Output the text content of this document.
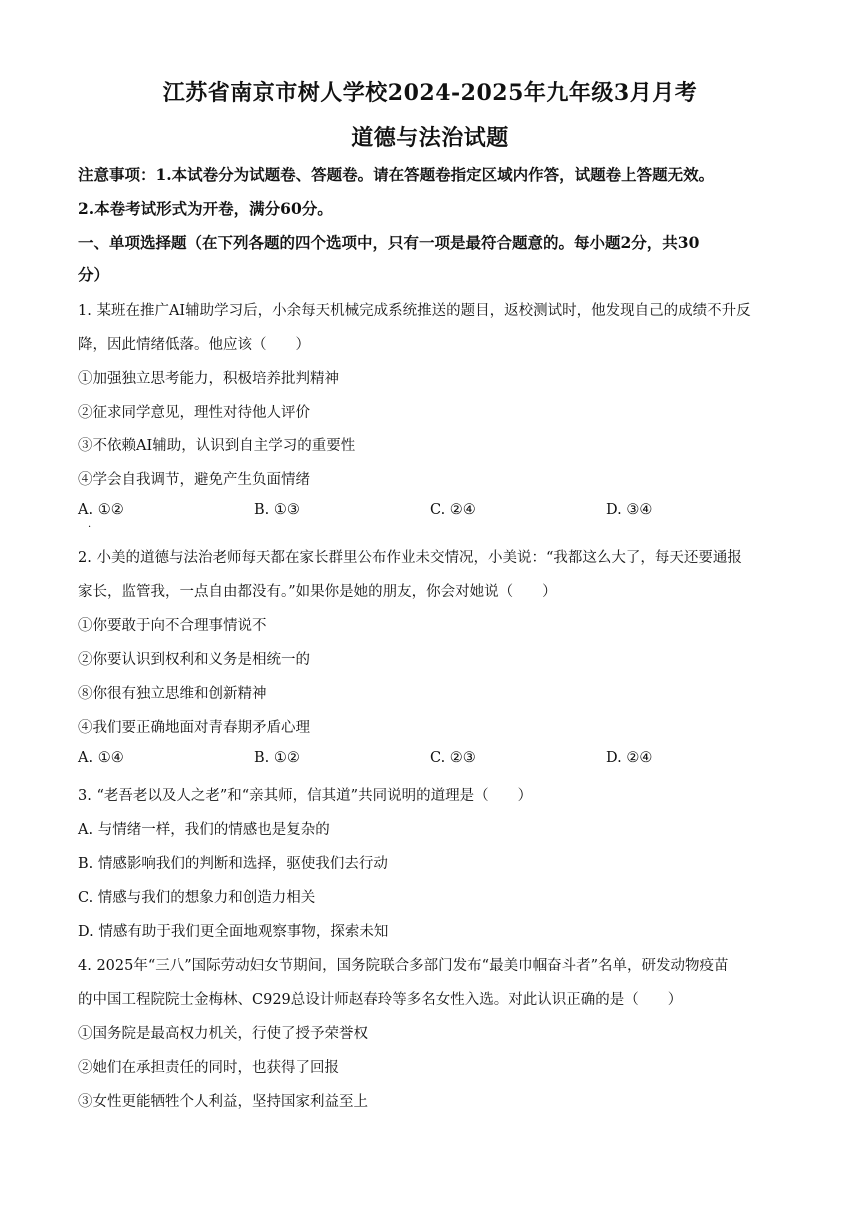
江苏省南京市树人学校2024-2025年九年级3月月考
道德与法治试题
注意事项：1.本试卷分为试题卷、答题卷。请在答题卷指定区域内作答，试题卷上答题无效。
2.本卷考试形式为开卷，满分60分。
一、单项选择题（在下列各题的四个选项中，只有一项是最符合题意的。每小题2分，共30
分）
1. 某班在推广AI辅助学习后，小余每天机械完成系统推送的题目，返校测试时，他发现自己的成绩不升反
降，因此情绪低落。他应该（　　）
①加强独立思考能力，积极培养批判精神
②征求同学意见，理性对待他人评价
③不依赖AI辅助，认识到自主学习的重要性
④学会自我调节，避免产生负面情绪
A. ①②	B. ①③	C. ②④	D. ③④
·
2. 小美的道德与法治老师每天都在家长群里公布作业未交情况，小美说：“我都这么大了，每天还要通报
家长，监管我，一点自由都没有。”如果你是她的朋友，你会对她说（　　）
①你要敢于向不合理事情说不
②你要认识到权利和义务是相统一的
⑧你很有独立思维和创新精神
④我们要正确地面对青春期矛盾心理
A. ①④	B. ①②	C. ②③	D. ②④
3. “老吾老以及人之老”和“亲其师，信其道”共同说明的道理是（　　）
A. 与情绪一样，我们的情感也是复杂的
B. 情感影响我们的判断和选择，驱使我们去行动
C. 情感与我们的想象力和创造力相关
D. 情感有助于我们更全面地观察事物，探索未知
4. 2025年“三八”国际劳动妇女节期间，国务院联合多部门发布“最美巾帼奋斗者”名单，研发动物疫苗
的中国工程院院士金梅林、C929总设计师赵春玲等多名女性入选。对此认识正确的是（　　）
①国务院是最高权力机关，行使了授予荣誉权
②她们在承担责任的同时，也获得了回报
③女性更能牺牲个人利益，坚持国家利益至上
